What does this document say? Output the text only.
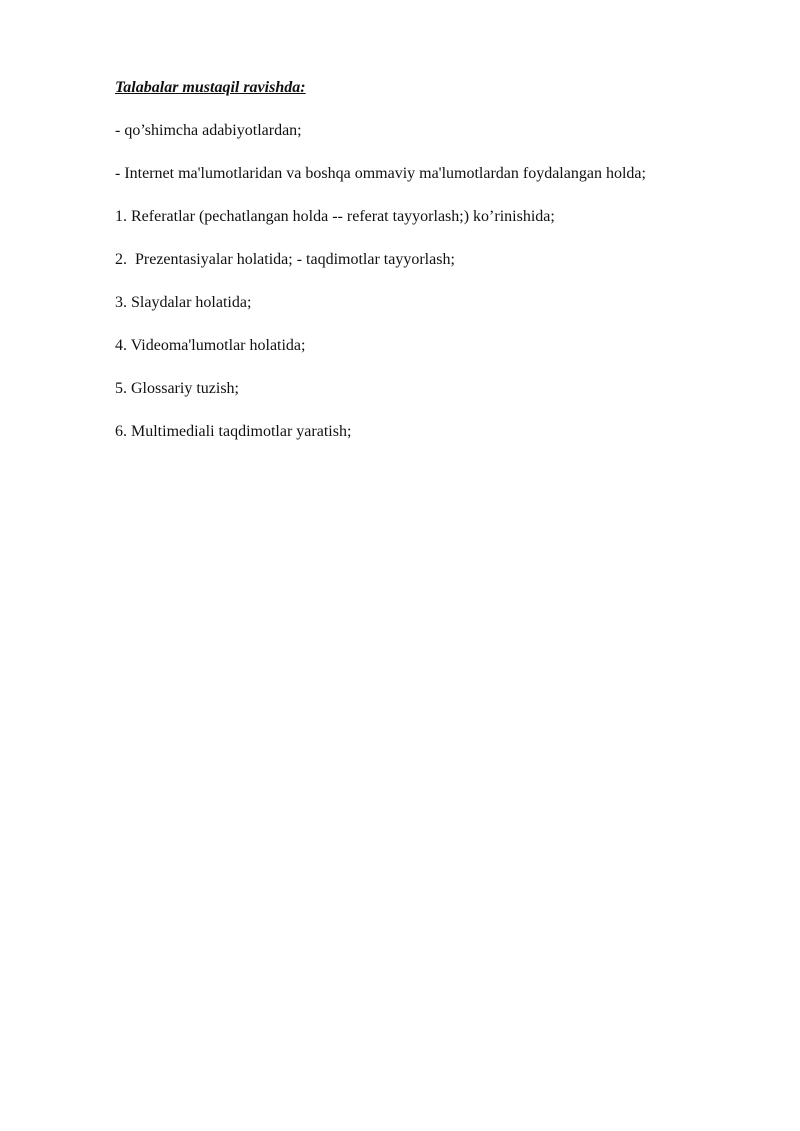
Talabalar mustaqil ravishda:
- qo’shimcha adabiyotlardan;
- Internet ma'lumotlaridan va boshqa ommaviy ma'lumotlardan foydalangan holda;
1. Referatlar (pechatlangan holda -- referat tayyorlash;) ko’rinishida;
2.  Prezentasiyalar holatida; - taqdimotlar tayyorlash;
3. Slaydalar holatida;
4. Videoma'lumotlar holatida;
5. Glossariy tuzish;
6. Multimediali taqdimotlar yaratish;
